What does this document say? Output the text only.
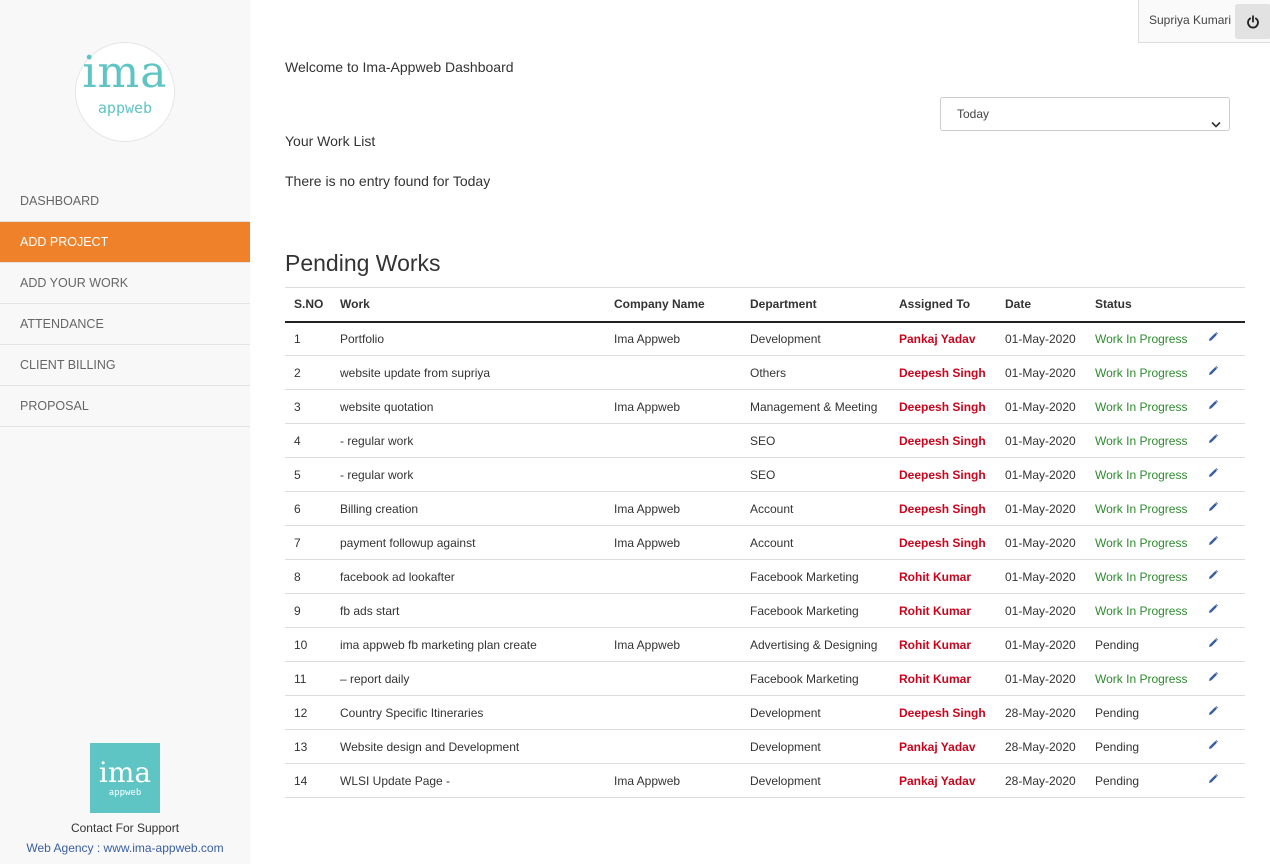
ima
appweb
DASHBOARD
ADD PROJECT
ADD YOUR WORK
ATTENDANCE
CLIENT BILLING
PROPOSAL
ima
appweb
Contact For Support
Web Agency : www.ima-appweb.com
Supriya Kumari
Welcome to Ima-Appweb Dashboard
Today
Your Work List
There is no entry found for Today
Pending Works
S.NO	Work	Company Name	Department	Assigned To	Date	Status	
1	Portfolio	Ima Appweb	Development	Pankaj Yadav	01-May-2020	Work In Progress	
2	website update from supriya		Others	Deepesh Singh	01-May-2020	Work In Progress	
3	website quotation	Ima Appweb	Management & Meeting	Deepesh Singh	01-May-2020	Work In Progress	
4	- regular work		SEO	Deepesh Singh	01-May-2020	Work In Progress	
5	- regular work		SEO	Deepesh Singh	01-May-2020	Work In Progress	
6	Billing creation	Ima Appweb	Account	Deepesh Singh	01-May-2020	Work In Progress	
7	payment followup against	Ima Appweb	Account	Deepesh Singh	01-May-2020	Work In Progress	
8	facebook ad lookafter		Facebook Marketing	Rohit Kumar	01-May-2020	Work In Progress	
9	fb ads start		Facebook Marketing	Rohit Kumar	01-May-2020	Work In Progress	
10	ima appweb fb marketing plan create	Ima Appweb	Advertising & Designing	Rohit Kumar	01-May-2020	Pending	
11	– report daily		Facebook Marketing	Rohit Kumar	01-May-2020	Work In Progress	
12	Country Specific Itineraries		Development	Deepesh Singh	28-May-2020	Pending	
13	Website design and Development		Development	Pankaj Yadav	28-May-2020	Pending	
14	WLSI Update Page -	Ima Appweb	Development	Pankaj Yadav	28-May-2020	Pending	
